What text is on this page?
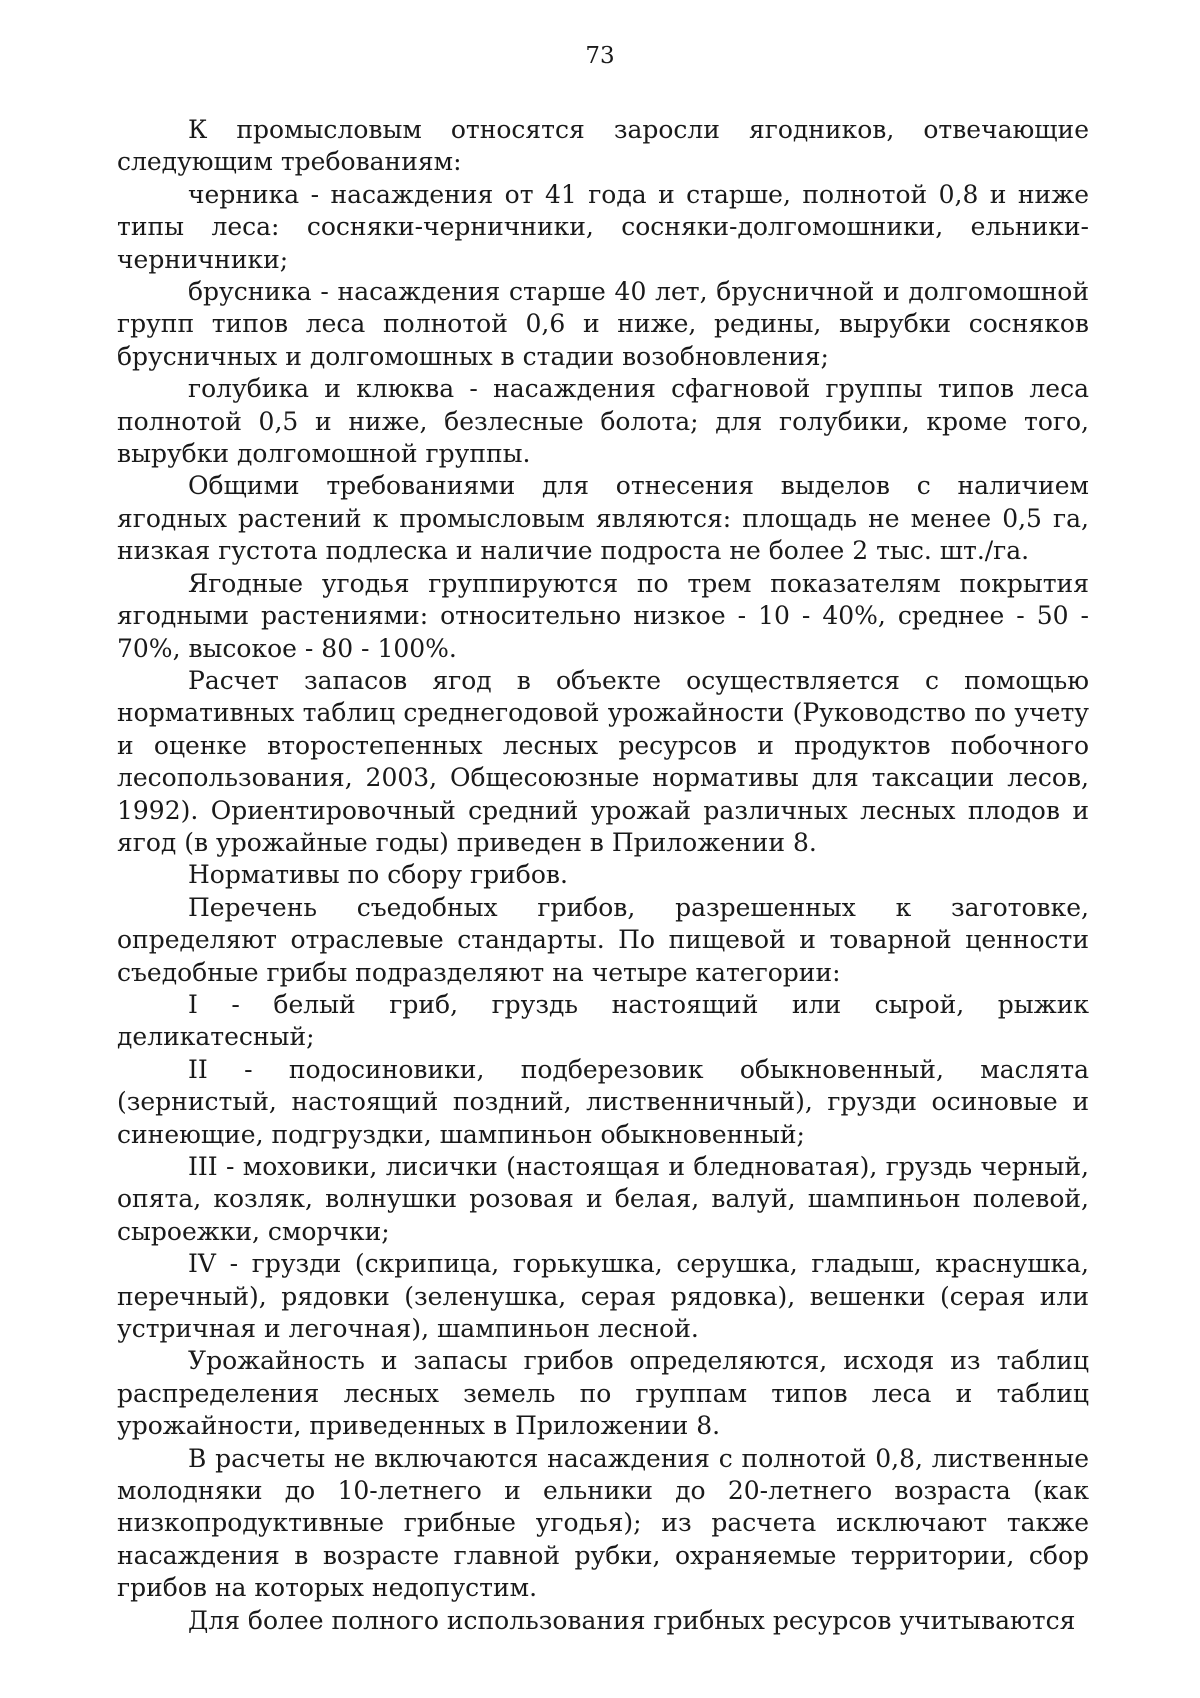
73

К промысловым относятся заросли ягодников, отвечающие следующим требованиям:

черника - насаждения от 41 года и старше, полнотой 0,8 и ниже типы леса: сосняки-черничники, сосняки-долгомошники, ельники-черничники;

брусника - насаждения старше 40 лет, брусничной и долгомошной групп типов леса полнотой 0,6 и ниже, редины, вырубки сосняков брусничных и долгомошных в стадии возобновления;

голубика и клюква - насаждения сфагновой группы типов леса полнотой 0,5 и ниже, безлесные болота; для голубики, кроме того, вырубки долгомошной группы.

Общими требованиями для отнесения выделов с наличием ягодных растений к промысловым являются: площадь не менее 0,5 га, низкая густота подлеска и наличие подроста не более 2 тыс. шт./га.

Ягодные угодья группируются по трем показателям покрытия ягодными растениями: относительно низкое - 10 - 40%, среднее - 50 - 70%, высокое - 80 - 100%.

Расчет запасов ягод в объекте осуществляется с помощью нормативных таблиц среднегодовой урожайности (Руководство по учету и оценке второстепенных лесных ресурсов и продуктов побочного лесопользования, 2003, Общесоюзные нормативы для таксации лесов, 1992). Ориентировочный средний урожай различных лесных плодов и ягод (в урожайные годы) приведен в Приложении 8.

Нормативы по сбору грибов.

Перечень съедобных грибов, разрешенных к заготовке, определяют отраслевые стандарты. По пищевой и товарной ценности съедобные грибы подразделяют на четыре категории:

I - белый гриб, груздь настоящий или сырой, рыжик деликатесный;

II - подосиновики, подберезовик обыкновенный, маслята (зернистый, настоящий поздний, лиственничный), грузди осиновые и синеющие, подгруздки, шампиньон обыкновенный;

III - моховики, лисички (настоящая и бледноватая), груздь черный, опята, козляк, волнушки розовая и белая, валуй, шампиньон полевой, сыроежки, сморчки;

IV - грузди (скрипица, горькушка, серушка, гладыш, краснушка, перечный), рядовки (зеленушка, серая рядовка), вешенки (серая или устричная и легочная), шампиньон лесной.

Урожайность и запасы грибов определяются, исходя из таблиц распределения лесных земель по группам типов леса и таблиц урожайности, приведенных в Приложении 8.

В расчеты не включаются насаждения с полнотой 0,8, лиственные молодняки до 10-летнего и ельники до 20-летнего возраста (как низкопродуктивные грибные угодья); из расчета исключают также насаждения в возрасте главной рубки, охраняемые территории, сбор грибов на которых недопустим.

Для более полного использования грибных ресурсов учитываются
